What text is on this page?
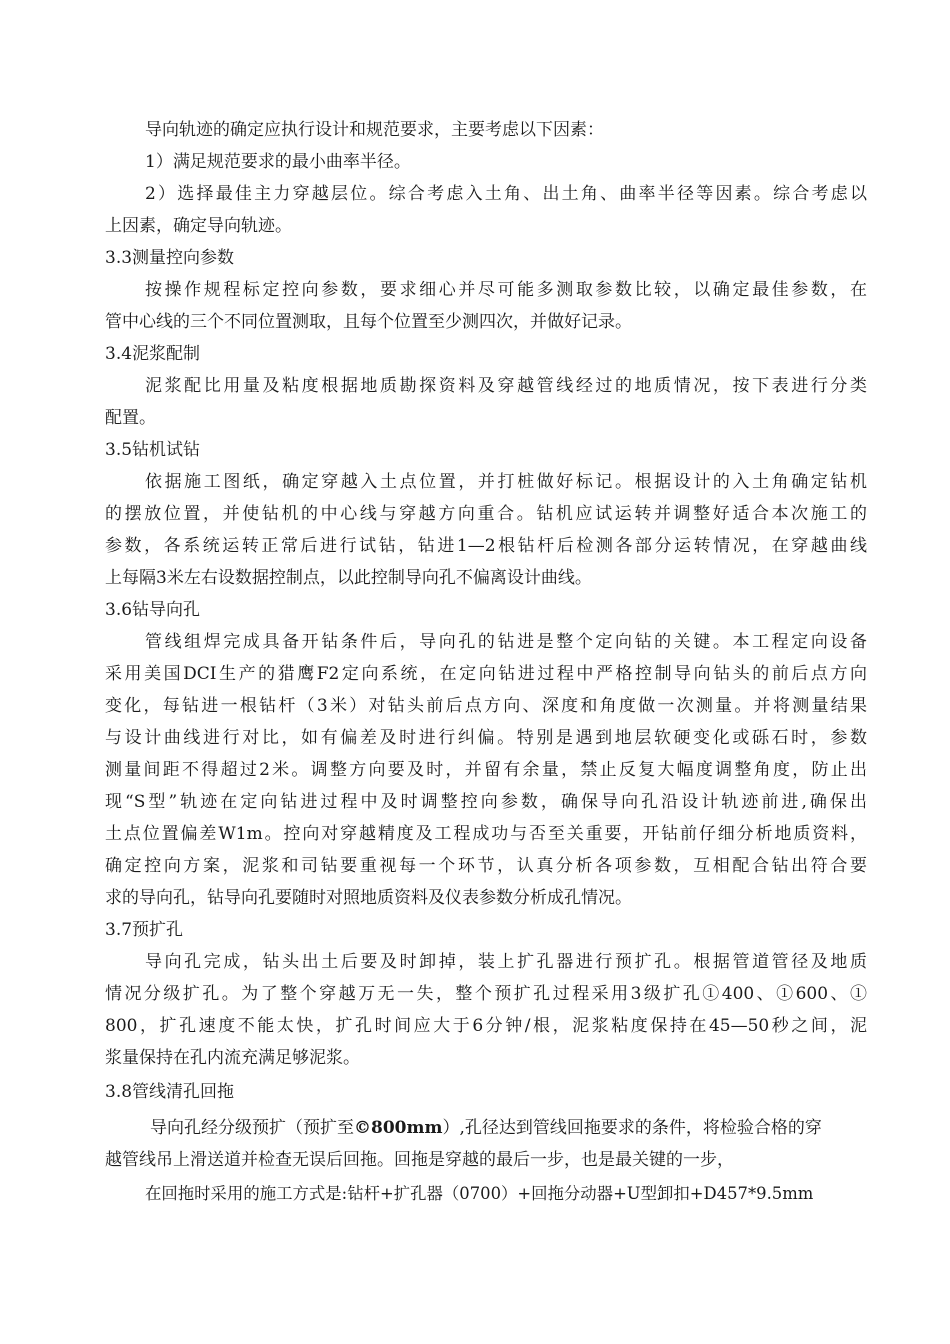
导向轨迹的确定应执行设计和规范要求，主要考虑以下因素：
1）满足规范要求的最小曲率半径。
2）选择最佳主力穿越层位。综合考虑入土角、出土角、曲率半径等因素。综合考虑以
上因素，确定导向轨迹。
3.3测量控向参数
按操作规程标定控向参数，要求细心并尽可能多测取参数比较，以确定最佳参数，在
管中心线的三个不同位置测取，且每个位置至少测四次，并做好记录。
3.4泥浆配制
泥浆配比用量及粘度根据地质勘探资料及穿越管线经过的地质情况，按下表进行分类
配置。
3.5钻机试钻
依据施工图纸，确定穿越入土点位置，并打桩做好标记。根据设计的入土角确定钻机
的摆放位置，并使钻机的中心线与穿越方向重合。钻机应试运转并调整好适合本次施工的
参数，各系统运转正常后进行试钻，钻进1—2根钻杆后检测各部分运转情况，在穿越曲线
上每隔3米左右设数据控制点，以此控制导向孔不偏离设计曲线。
3.6钻导向孔
管线组焊完成具备开钻条件后，导向孔的钻进是整个定向钻的关键。本工程定向设备
采用美国DCI生产的猎鹰F2定向系统，在定向钻进过程中严格控制导向钻头的前后点方向
变化，每钻进一根钻杆（3米）对钻头前后点方向、深度和角度做一次测量。并将测量结果
与设计曲线进行对比，如有偏差及时进行纠偏。特别是遇到地层软硬变化或砾石时，参数
测量间距不得超过2米。调整方向要及时，并留有余量，禁止反复大幅度调整角度，防止出
现“S型”轨迹在定向钻进过程中及时调整控向参数，确保导向孔沿设计轨迹前进,确保出
土点位置偏差W1m。控向对穿越精度及工程成功与否至关重要，开钻前仔细分析地质资料，
确定控向方案，泥浆和司钻要重视每一个环节，认真分析各项参数，互相配合钻出符合要
求的导向孔，钻导向孔要随时对照地质资料及仪表参数分析成孔情况。
3.7预扩孔
导向孔完成，钻头出土后要及时卸掉，装上扩孔器进行预扩孔。根据管道管径及地质
情况分级扩孔。为了整个穿越万无一失，整个预扩孔过程采用3级扩孔①400、①600、①
800，扩孔速度不能太快，扩孔时间应大于6分钟/根，泥浆粘度保持在45—50秒之间，泥
浆量保持在孔内流充满足够泥浆。
3.8管线清孔回拖
导向孔经分级预扩（预扩至©800mm）,孔径达到管线回拖要求的条件，将检验合格的穿
越管线吊上滑送道并检查无误后回拖。回拖是穿越的最后一步，也是最关键的一步，
在回拖时采用的施工方式是:钻杆+扩孔器（0700）+回拖分动器+U型卸扣+D457*9.5mm
